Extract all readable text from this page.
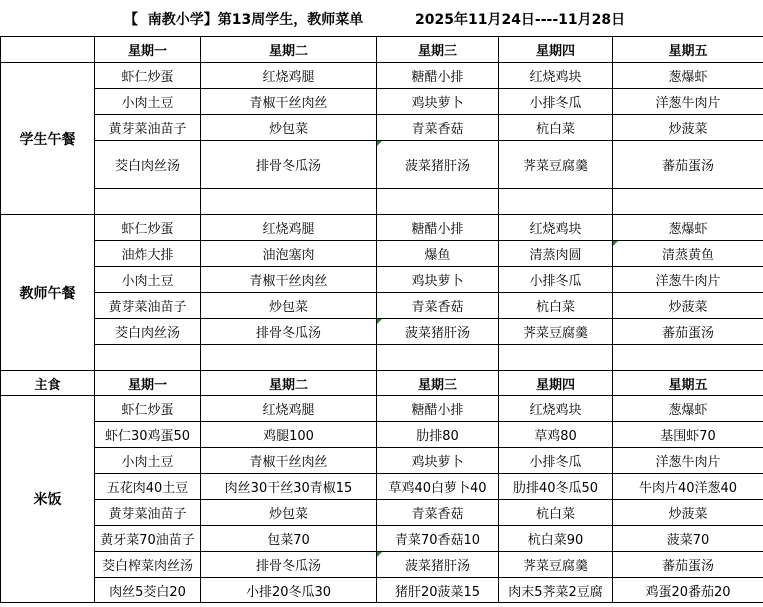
【  南教小学】第13周学生，教师菜单

	2025年11月24日----11月28日

	星期一	星期二	星期三	星期四	星期五
学生午餐	虾仁炒蛋	红烧鸡腿	糖醋小排	红烧鸡块	葱爆虾
	小肉土豆	青椒干丝肉丝	鸡块萝卜	小排冬瓜	洋葱牛肉片
	黄芽菜油苗子	炒包菜	青菜香菇	杭白菜	炒菠菜
	茭白肉丝汤	排骨冬瓜汤	菠菜猪肝汤	荠菜豆腐羹	蕃茄蛋汤

教师午餐	虾仁炒蛋	红烧鸡腿	糖醋小排	红烧鸡块	葱爆虾
	油炸大排	油泡塞肉	爆鱼	清蒸肉圆	清蒸黄鱼

	小肉土豆	青椒干丝肉丝	鸡块萝卜	小排冬瓜	洋葱牛肉片
	黄芽菜油苗子	炒包菜	青菜香菇	杭白菜	炒菠菜
	茭白肉丝汤	排骨冬瓜汤	菠菜猪肝汤	荠菜豆腐羹	蕃茄蛋汤

主食	星期一	星期二	星期三	星期四	星期五
米饭	虾仁炒蛋	红烧鸡腿	糖醋小排	红烧鸡块	葱爆虾
	虾仁30鸡蛋50	鸡腿100	肋排80	草鸡80	基围虾70
	小肉土豆	青椒干丝肉丝	鸡块萝卜	小排冬瓜	洋葱牛肉片
	五花肉40土豆	肉丝30干丝30青椒15	草鸡40白萝卜40	肋排40冬瓜50	牛肉片40洋葱40
	黄芽菜油苗子	炒包菜	青菜香菇	杭白菜	炒菠菜
	黄牙菜70油苗子	包菜70	青菜70香菇10	杭白菜90	菠菜70
	茭白榨菜肉丝汤	排骨冬瓜汤	菠菜猪肝汤	荠菜豆腐羹	蕃茄蛋汤
	肉丝5茭白20	小排20冬瓜30	猪肝20菠菜15	肉末5荠菜2豆腐	鸡蛋20番茄20
